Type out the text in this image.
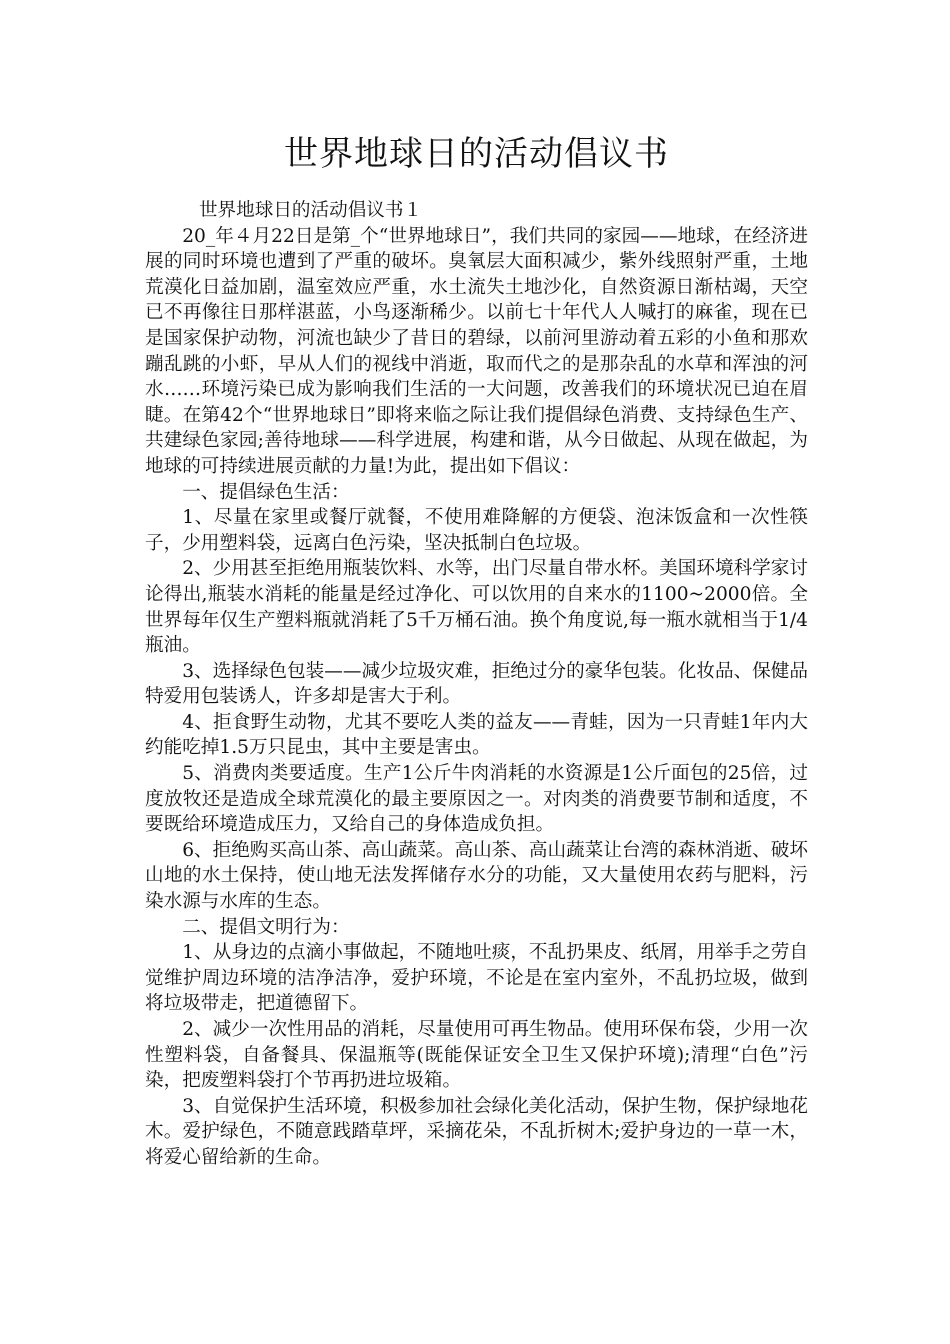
世界地球日的活动倡议书

世界地球日的活动倡议书１

20_年４月22日是第_个“世界地球日”，我们共同的家园——地球，在经济进展的同时环境也遭到了严重的破坏。臭氧层大面积减少，紫外线照射严重，土地荒漠化日益加剧，温室效应严重，水土流失土地沙化，自然资源日渐枯竭，天空已不再像往日那样湛蓝，小鸟逐渐稀少。以前七十年代人人喊打的麻雀，现在已是国家保护动物，河流也缺少了昔日的碧绿，以前河里游动着五彩的小鱼和那欢蹦乱跳的小虾，早从人们的视线中消逝，取而代之的是那杂乱的水草和浑浊的河水……环境污染已成为影响我们生活的一大问题，改善我们的环境状况已迫在眉睫。在第42个“世界地球日”即将来临之际让我们提倡绿色消费、支持绿色生产、共建绿色家园;善待地球——科学进展，构建和谐，从今日做起、从现在做起，为地球的可持续进展贡献的力量!为此，提出如下倡议：

一、提倡绿色生活：

1、尽量在家里或餐厅就餐，不使用难降解的方便袋、泡沫饭盒和一次性筷子，少用塑料袋，远离白色污染，坚决抵制白色垃圾。

2、少用甚至拒绝用瓶装饮料、水等，出门尽量自带水杯。美国环境科学家讨论得出,瓶装水消耗的能量是经过净化、可以饮用的自来水的1100~2000倍。全世界每年仅生产塑料瓶就消耗了5千万桶石油。换个角度说,每一瓶水就相当于1/4瓶油。

3、选择绿色包装——减少垃圾灾难，拒绝过分的豪华包装。化妆品、保健品特爱用包装诱人，许多却是害大于利。

4、拒食野生动物，尤其不要吃人类的益友——青蛙，因为一只青蛙1年内大约能吃掉1.5万只昆虫，其中主要是害虫。

5、消费肉类要适度。生产1公斤牛肉消耗的水资源是1公斤面包的25倍，过度放牧还是造成全球荒漠化的最主要原因之一。对肉类的消费要节制和适度，不要既给环境造成压力，又给自己的身体造成负担。

6、拒绝购买高山茶、高山蔬菜。高山茶、高山蔬菜让台湾的森林消逝、破坏山地的水土保持，使山地无法发挥储存水分的功能，又大量使用农药与肥料，污染水源与水库的生态。

二、提倡文明行为：

1、从身边的点滴小事做起，不随地吐痰，不乱扔果皮、纸屑，用举手之劳自觉维护周边环境的洁净洁净，爱护环境，不论是在室内室外，不乱扔垃圾，做到将垃圾带走，把道德留下。

2、减少一次性用品的消耗，尽量使用可再生物品。使用环保布袋，少用一次性塑料袋，自备餐具、保温瓶等(既能保证安全卫生又保护环境);清理“白色”污染，把废塑料袋打个节再扔进垃圾箱。

3、自觉保护生活环境，积极参加社会绿化美化活动，保护生物，保护绿地花木。爱护绿色，不随意践踏草坪，采摘花朵，不乱折树木;爱护身边的一草一木，将爱心留给新的生命。
